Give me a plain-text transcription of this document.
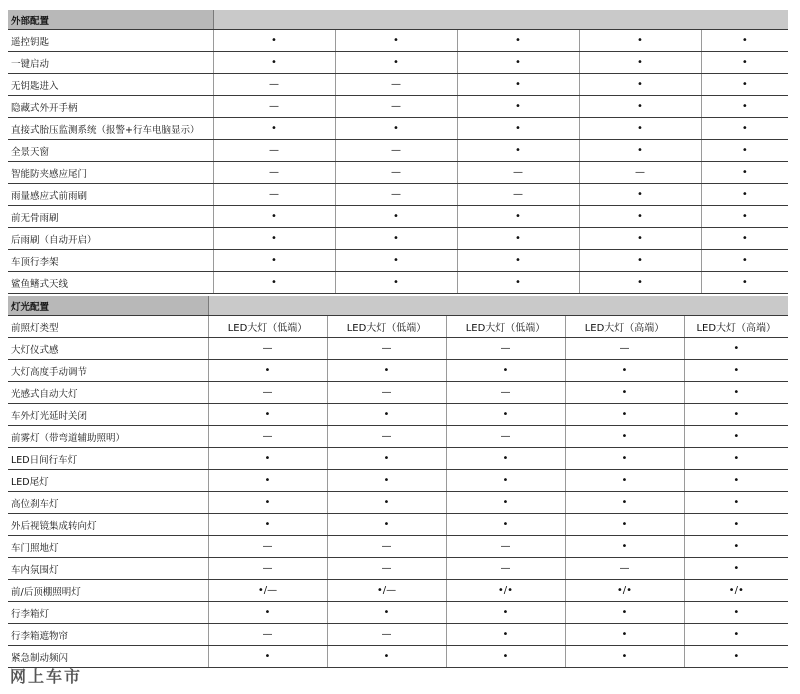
外部配置					
遥控钥匙	•	•	•	•	•
一键启动	•	•	•	•	•
无钥匙进入	—	—	•	•	•
隐藏式外开手柄	—	—	•	•	•
直接式胎压监测系统（报警+行车电脑显示）	•	•	•	•	•
全景天窗	—	—	•	•	•
智能防夹感应尾门	—	—	—	—	•
雨量感应式前雨刷	—	—	—	•	•
前无骨雨刷	•	•	•	•	•
后雨刷（自动开启）	•	•	•	•	•
车顶行李架	•	•	•	•	•
鲨鱼鳍式天线	•	•	•	•	•
灯光配置					
前照灯类型	LED大灯（低端）	LED大灯（低端）	LED大灯（低端）	LED大灯（高端）	LED大灯（高端）
大灯仪式感	—	—	—	—	•
大灯高度手动调节	•	•	•	•	•
光感式自动大灯	—	—	—	•	•
车外灯光延时关闭	•	•	•	•	•
前雾灯（带弯道辅助照明）	—	—	—	•	•
LED日间行车灯	•	•	•	•	•
LED尾灯	•	•	•	•	•
高位刹车灯	•	•	•	•	•
外后视镜集成转向灯	•	•	•	•	•
车门照地灯	—	—	—	•	•
车内氛围灯	—	—	—	—	•
前/后顶棚照明灯	•/—	•/—	•/•	•/•	•/•
行李箱灯	•	•	•	•	•
行李箱遮物帘	—	—	•	•	•
紧急制动频闪	•	•	•	•	•
网上车市
